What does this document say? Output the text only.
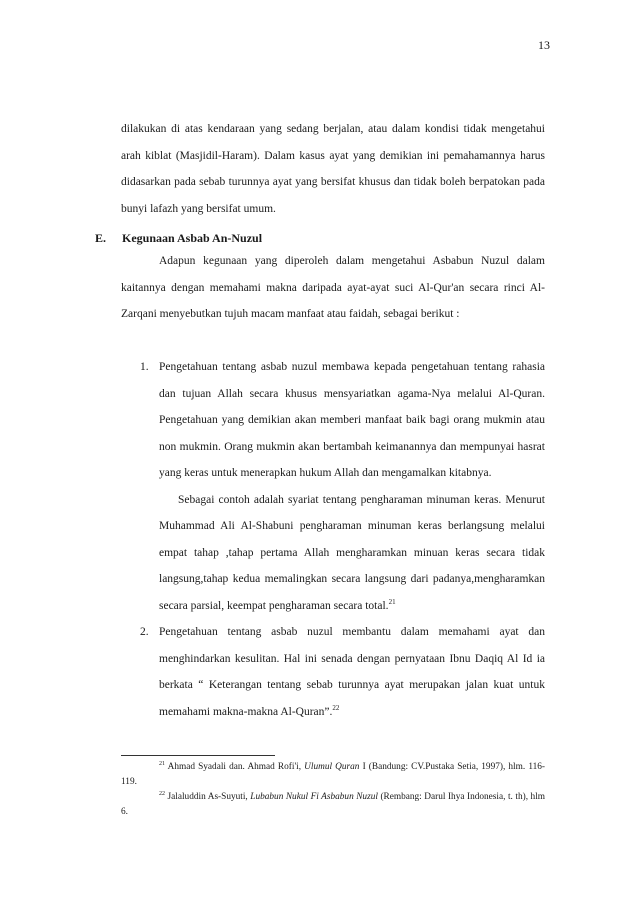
13
dilakukan di atas kendaraan yang sedang berjalan, atau dalam kondisi tidak mengetahui arah kiblat (Masjidil-Haram). Dalam kasus ayat yang demikian ini pemahamannya harus didasarkan pada sebab turunnya ayat yang bersifat khusus dan tidak boleh berpatokan pada bunyi lafazh yang bersifat umum.
E. Kegunaan Asbab An-Nuzul
Adapun kegunaan yang diperoleh dalam mengetahui Asbabun Nuzul dalam kaitannya dengan memahami makna daripada ayat-ayat suci Al-Qur'an secara rinci Al-Zarqani menyebutkan tujuh macam manfaat atau faidah, sebagai berikut :
1. Pengetahuan tentang asbab nuzul membawa kepada pengetahuan tentang rahasia dan tujuan Allah secara khusus mensyariatkan agama-Nya melalui Al-Quran. Pengetahuan yang demikian akan memberi manfaat baik bagi orang mukmin atau non mukmin. Orang mukmin akan bertambah keimanannya dan mempunyai hasrat yang keras untuk menerapkan hukum Allah dan mengamalkan kitabnya.

Sebagai contoh adalah syariat tentang pengharaman minuman keras. Menurut Muhammad Ali Al-Shabuni pengharaman minuman keras berlangsung melalui empat tahap ,tahap pertama Allah mengharamkan minuan keras secara tidak langsung,tahap kedua memalingkan secara langsung dari padanya,mengharamkan secara parsial, keempat pengharaman secara total.$^{21}$

2. Pengetahuan tentang asbab nuzul membantu dalam memahami ayat dan menghindarkan kesulitan. Hal ini senada dengan pernyataan Ibnu Daqiq Al Id ia berkata “ Keterangan tentang sebab turunnya ayat merupakan jalan kuat untuk memahami makna-makna Al-Quran”.$^{22}$

$^{21}$ Ahmad Syadali dan. Ahmad Rofi'i, Ulumul Quran I (Bandung: CV.Pustaka Setia, 1997), hlm. 116-119.

$^{22}$ Jalaluddin As-Suyuti, Lubabun Nukul Fi Asbabun Nuzul (Rembang: Darul Ihya Indonesia, t. th), hlm 6.
